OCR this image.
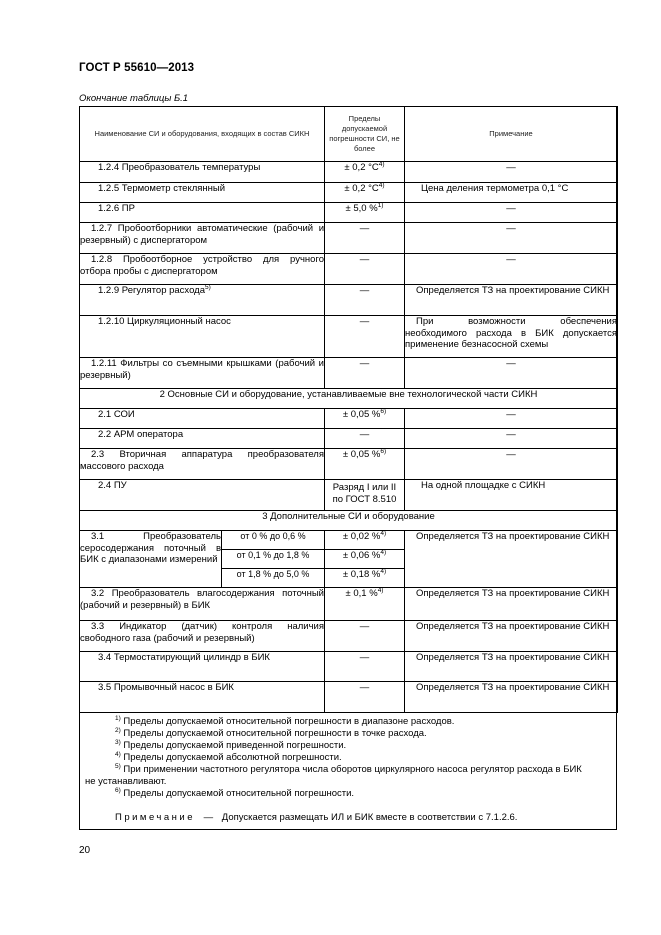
ГОСТ Р 55610—2013
Окончание таблицы Б.1
Наименование СИ и оборудования, входящих в состав СИКН		Пределы допускаемой погрешности СИ, не более	Примечание
1.2.4 Преобразователь температуры		± 0,2 $^\circ С^{4)}$	—
1.2.5 Термометр стеклянный		± 0,2 $^\circ С^{4)}$	Цена деления термометра 0,1 °С
1.2.6 ПР		± 5,0 %$^{1)}$	—
1.2.7 Пробоотборники автоматические (рабочий и резервный) с диспергатором		—	—
1.2.8 Пробоотборное устройство для ручного отбора пробы с диспергатором		—	—
1.2.9 Регулятор расхода$^{5)}$		—	Определяется ТЗ на проектирование СИКН
1.2.10 Циркуляционный насос		—	При возможности обеспечения необходимого расхода в БИК допускается применение безнасосной схемы
1.2.11 Фильтры со съемными крышками (рабочий и резервный)		—	—
2 Основные СИ и оборудование, устанавливаемые вне технологической части СИКН			
2.1 СОИ		± 0,05 %$^{6)}$	—
2.2 АРМ оператора		—	—
2.3 Вторичная аппаратура преобразователя массового расхода		± 0,05 %$^{6)}$	—
2.4 ПУ		Разряд I или II по ГОСТ 8.510	На одной площадке с СИКН
3 Дополнительные СИ и оборудование			
3.1 Преобразователь серосодержания поточный в БИК с диапазонами измерений	от 0 % до 0,6 %	± 0,02 %$^{4)}$	Определяется ТЗ на проектирование СИКН
	от 0,1 % до 1,8 %	± 0,06 %$^{4)}$
	от 1,8 % до 5,0 %	± 0,18 %$^{4)}$
3.2 Преобразователь влагосодержания поточный (рабочий и резервный) в БИК		± 0,1 %$^{4)}$	Определяется ТЗ на проектирование СИКН
3.3 Индикатор (датчик) контроля наличия свободного газа (рабочий и резервный)		—	Определяется ТЗ на проектирование СИКН
3.4 Термостатирующий цилиндр в БИК		—	Определяется ТЗ на проектирование СИКН
3.5 Промывочный насос в БИК		—	Определяется ТЗ на проектирование СИКН
$^{1)}$ Пределы допускаемой относительной погрешности в диапазоне расходов.
$^{2)}$ Пределы допускаемой относительной погрешности в точке расхода.
$^{3)}$ Пределы допускаемой приведенной погрешности.
$^{4)}$ Пределы допускаемой абсолютной погрешности.
$^{5)}$ При применении частотного регулятора числа оборотов циркулярного насоса регулятор расхода в БИК
не устанавливают.
$^{6)}$ Пределы допускаемой относительной погрешности.
Примечание — Допускается размещать ИЛ и БИК вместе в соответствии с 7.1.2.6.
20
